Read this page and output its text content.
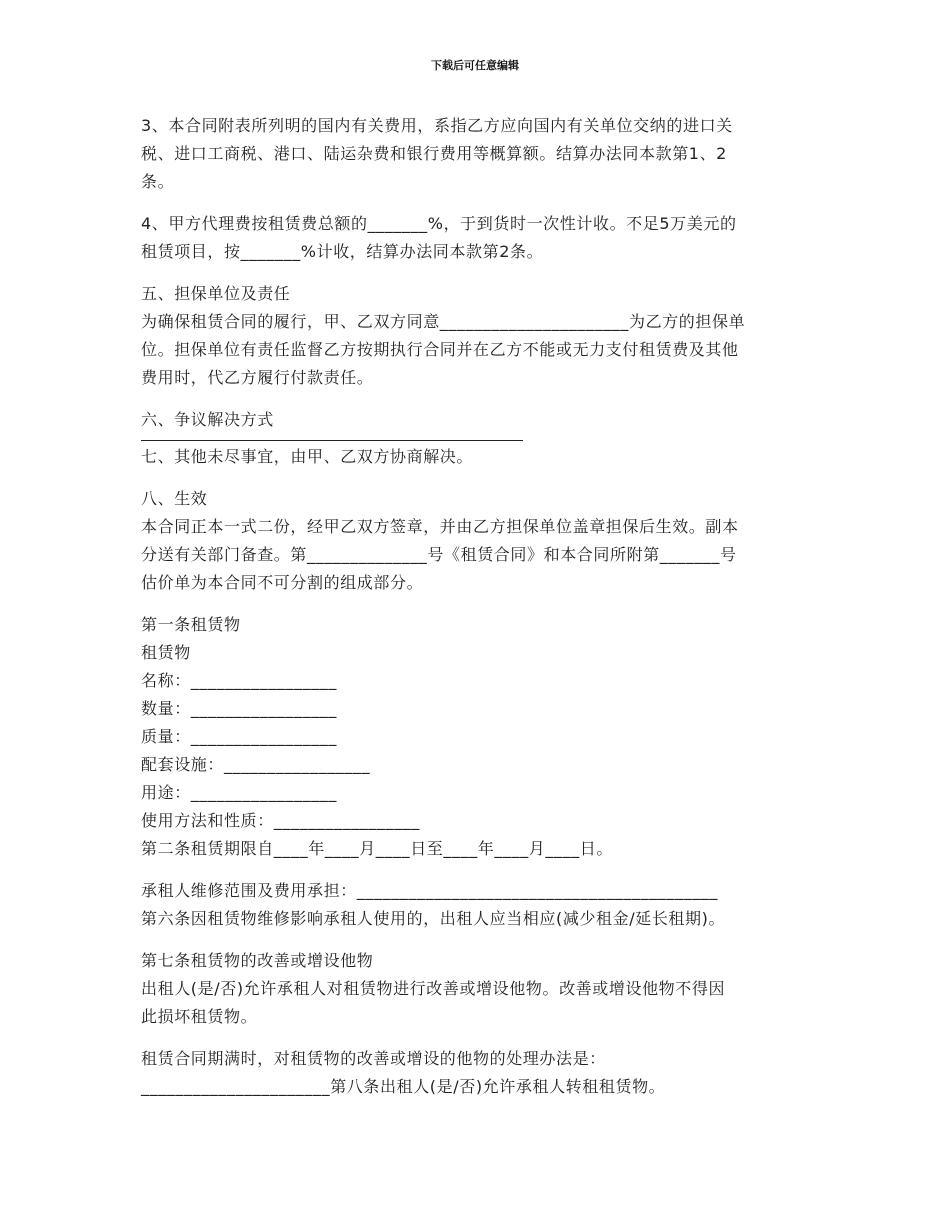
下载后可任意编辑

3、本合同附表所列明的国内有关费用，系指乙方应向国内有关单位交纳的进口关

税、进口工商税、港口、陆运杂费和银行费用等概算额。结算办法同本款第1、2

条。

4、甲方代理费按租赁费总额的_______%，于到货时一次性计收。不足5万美元的

租赁项目，按_______%计收，结算办法同本款第2条。

五、担保单位及责任

为确保租赁合同的履行，甲、乙双方同意______________________为乙方的担保单

位。担保单位有责任监督乙方按期执行合同并在乙方不能或无力支付租赁费及其他

费用时，代乙方履行付款责任。

六、争议解决方式

七、其他未尽事宜，由甲、乙双方协商解决。

八、生效

本合同正本一式二份，经甲乙双方签章，并由乙方担保单位盖章担保后生效。副本

分送有关部门备查。第______________号《租赁合同》和本合同所附第_______号

估价单为本合同不可分割的组成部分。

第一条租赁物

租赁物

名称：_________________

数量：_________________

质量：_________________

配套设施：_________________

用途：_________________

使用方法和性质：_________________

第二条租赁期限自____年____月____日至____年____月____日。

承租人维修范围及费用承担：__________________________________________

第六条因租赁物维修影响承租人使用的，出租人应当相应(减少租金/延长租期)。

第七条租赁物的改善或增设他物

出租人(是/否)允许承租人对租赁物进行改善或增设他物。改善或增设他物不得因

此损坏租赁物。

租赁合同期满时，对租赁物的改善或增设的他物的处理办法是：

______________________第八条出租人(是/否)允许承租人转租租赁物。
